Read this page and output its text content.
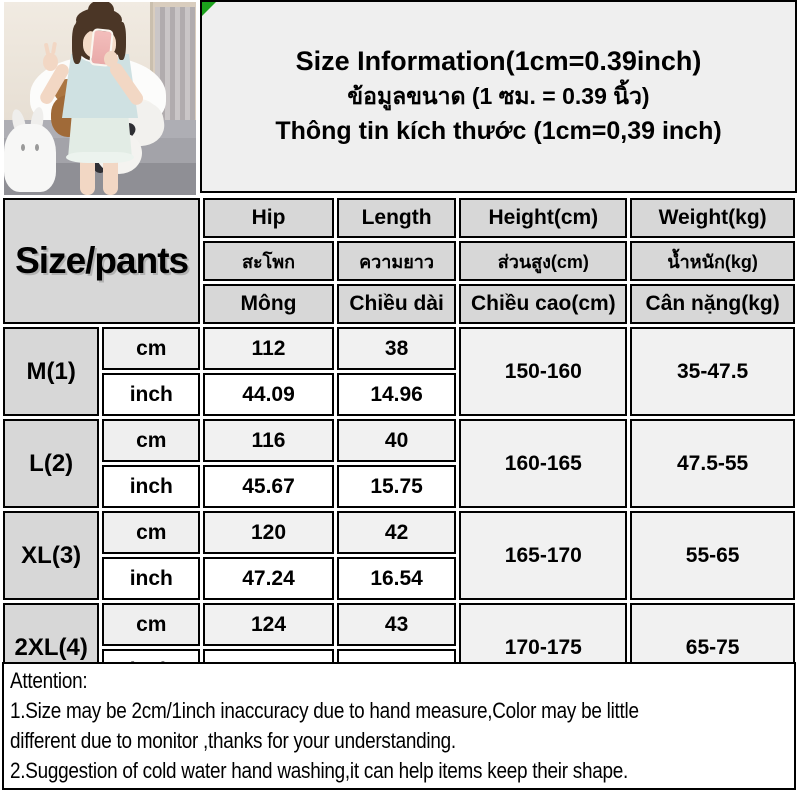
Size Information(1cm=0.39inch)
ข้อมูลขนาด (1 ซม. = 0.39 นิ้ว)
Thông tin kích thước (1cm=0,39 inch)
Size/pants		Hip	Length	Height(cm)	Weight(kg)
		สะโพก	ความยาว	ส่วนสูง(cm)	น้ำหนัก(kg)
		Mông	Chiều dài	Chiều cao(cm)	Cân nặng(kg)
M(1)	cm	112	38	150-160	35-47.5
	inch	44.09	14.96		
L(2)	cm	116	40	160-165	47.5-55
	inch	45.67	15.75		
XL(3)	cm	120	42	165-170	55-65
	inch	47.24	16.54		
2XL(4)	cm	124	43	170-175	65-75

Attention:
1.Size may be 2cm/1inch inaccuracy due to hand measure,Color may be little
different due to monitor ,thanks for your understanding.
2.Suggestion of cold water hand washing,it can help items keep their shape.
